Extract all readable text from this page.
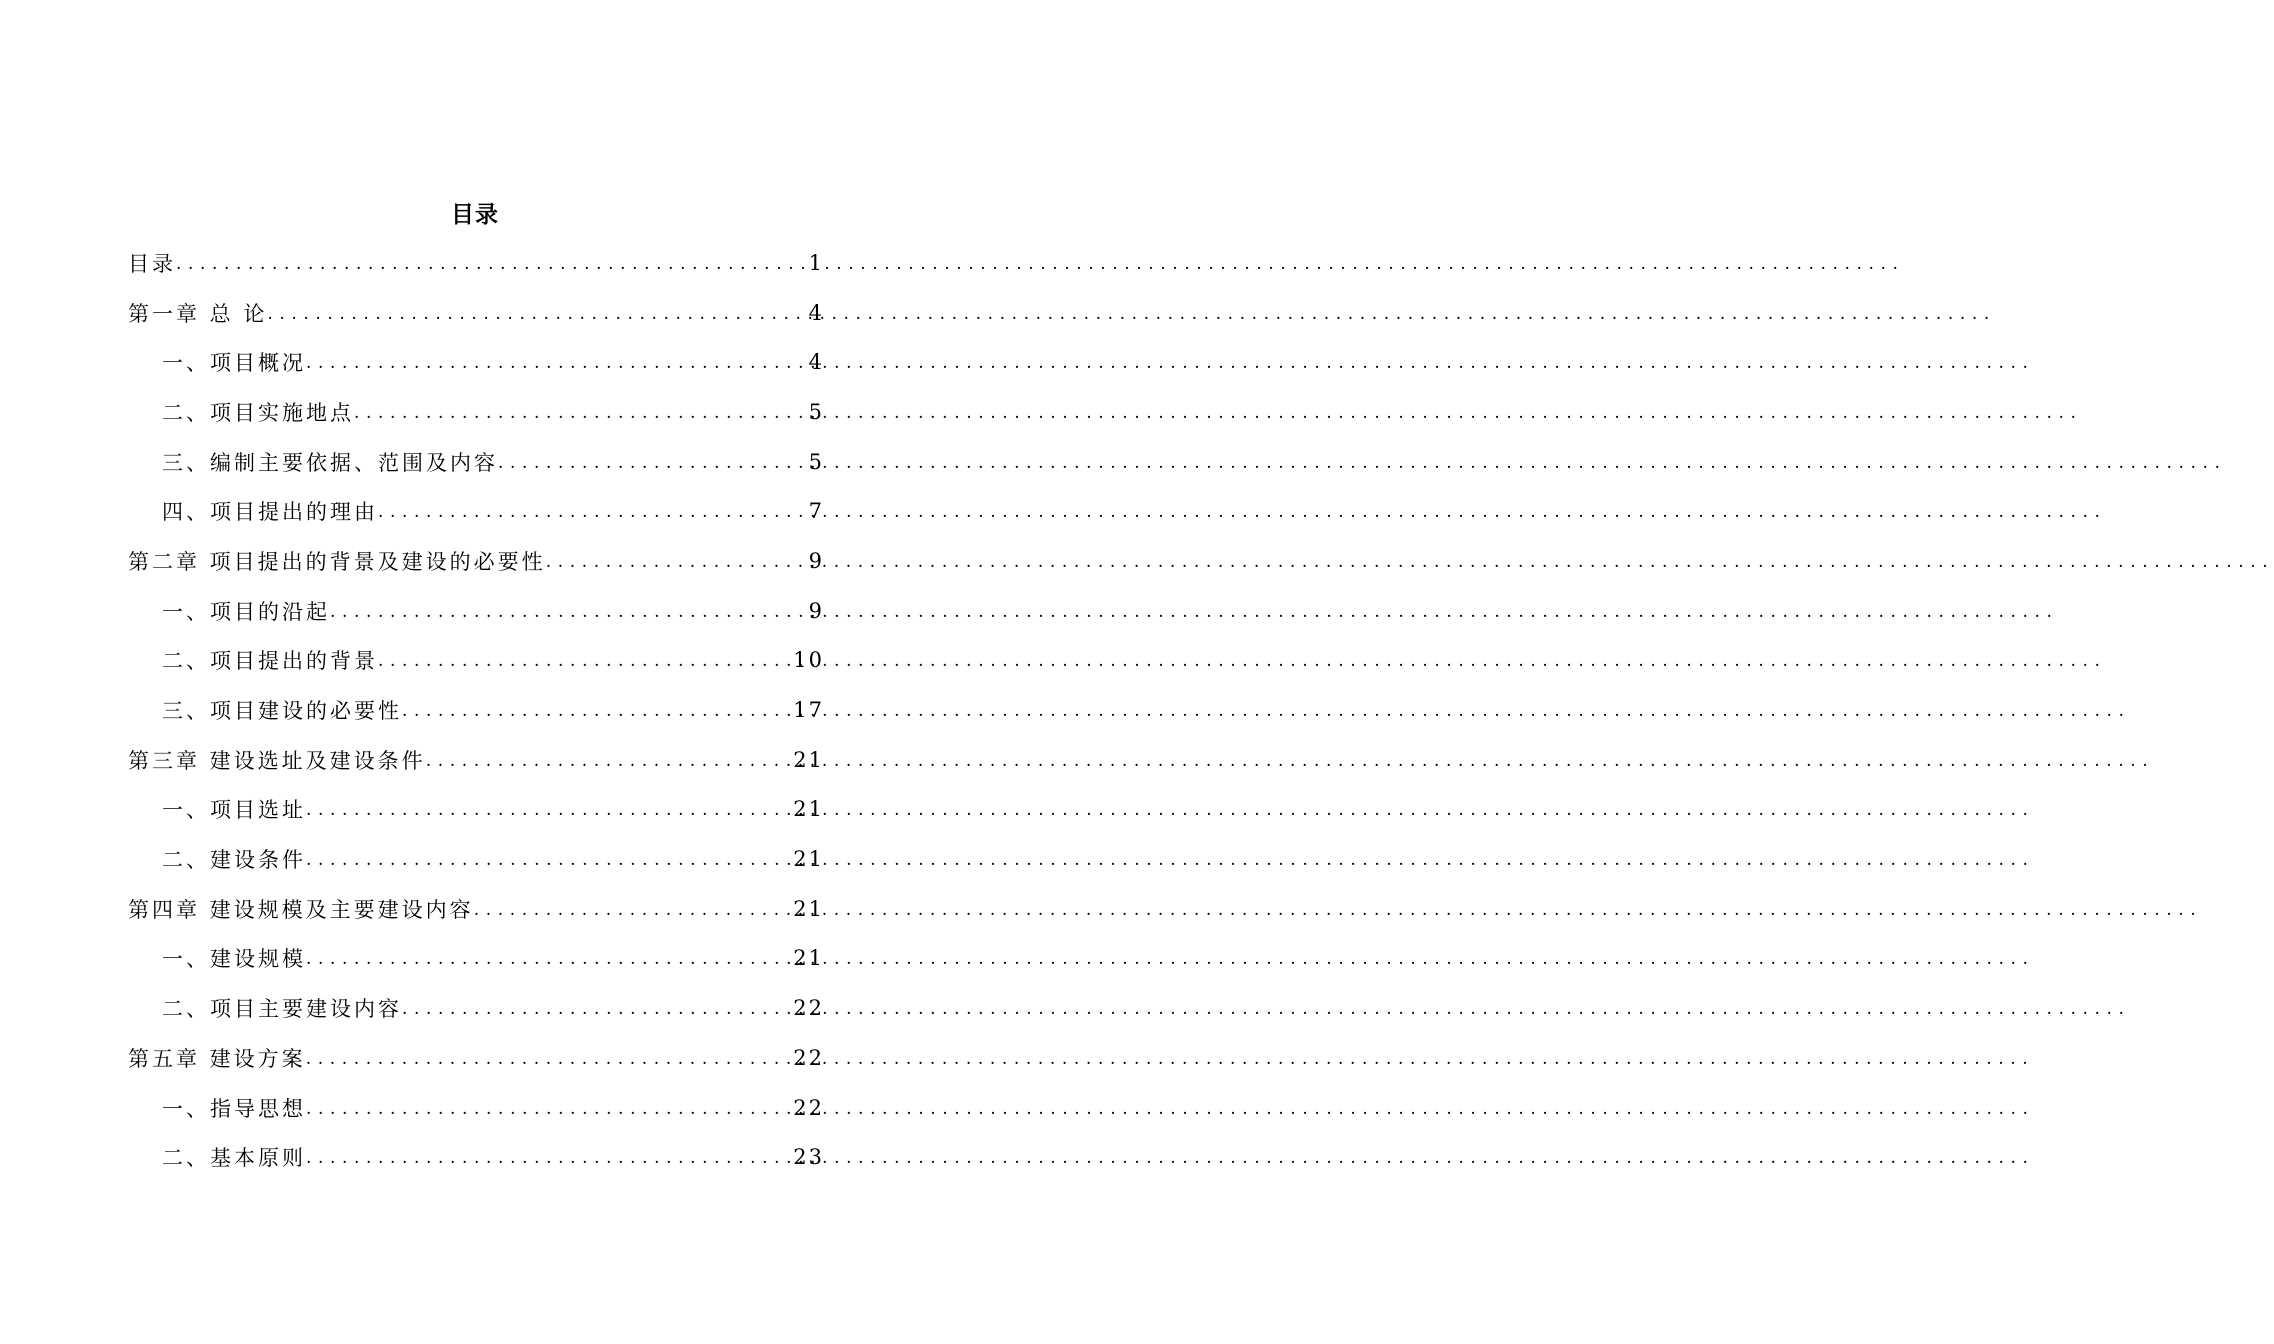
目录
目录 .....	1
第一章 总 论 .....	4
一、项目概况 .....	4
二、项目实施地点 .....	5
三、编制主要依据、范围及内容 .....	5
四、项目提出的理由 .....	7
第二章 项目提出的背景及建设的必要性 .....	9
一、项目的沿起 .....	9
二、项目提出的背景 .....	10
三、项目建设的必要性 .....	17
第三章 建设选址及建设条件 .....	21
一、项目选址 .....	21
二、建设条件 .....	21
第四章 建设规模及主要建设内容 .....	21
一、建设规模 .....	21
二、项目主要建设内容 .....	22
第五章 建设方案 .....	22
一、指导思想 .....	22
二、基本原则 .....	23
